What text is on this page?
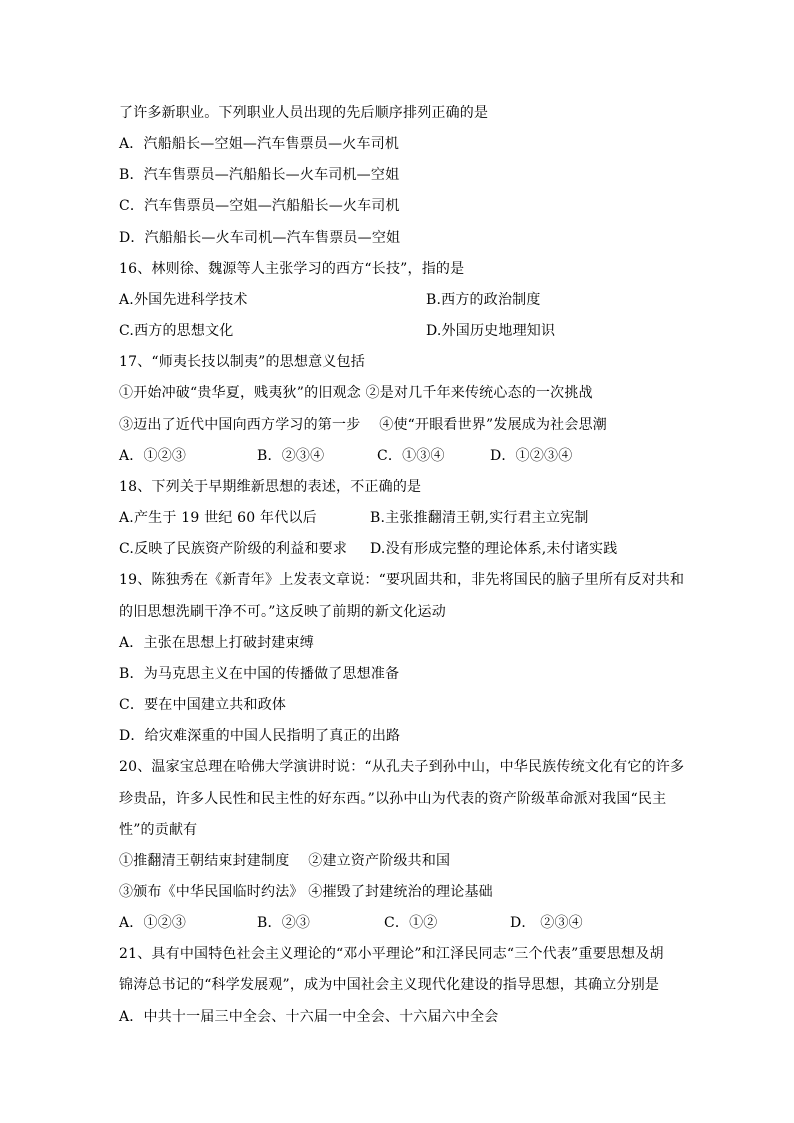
了许多新职业。下列职业人员出现的先后顺序排列正确的是
A．汽船船长—空姐—汽车售票员—火车司机
B．汽车售票员—汽船船长—火车司机—空姐
C．汽车售票员—空姐—汽船船长—火车司机
D．汽船船长—火车司机—汽车售票员—空姐
16、林则徐、魏源等人主张学习的西方“长技”，指的是
A.外国先进科学技术	B.西方的政治制度
C.西方的思想文化	D.外国历史地理知识
17、“师夷长技以制夷”的思想意义包括
①开始冲破“贵华夏，贱夷狄”的旧观念 ②是对几千年来传统心态的一次挑战
③迈出了近代中国向西方学习的第一步　 ④使“开眼看世界”发展成为社会思潮
A．①②③	B．②③④	C．①③④	D．①②③④
18、下列关于早期维新思想的表述，不正确的是
A.产生于 19 世纪 60 年代以后	B.主张推翻清王朝,实行君主立宪制
C.反映了民族资产阶级的利益和要求 D.没有形成完整的理论体系,未付诸实践
19、陈独秀在《新青年》上发表文章说：“要巩固共和，非先将国民的脑子里所有反对共和
的旧思想洗刷干净不可。”这反映了前期的新文化运动
A．主张在思想上打破封建束缚
B．为马克思主义在中国的传播做了思想准备
C．要在中国建立共和政体
D．给灾难深重的中国人民指明了真正的出路
20、温家宝总理在哈佛大学演讲时说：“从孔夫子到孙中山，中华民族传统文化有它的许多
珍贵品，许多人民性和民主性的好东西。”以孙中山为代表的资产阶级革命派对我国“民主
性”的贡献有
①推翻清王朝结束封建制度　 ②建立资产阶级共和国
③颁布《中华民国临时约法》 ④摧毁了封建统治的理论基础
A．①②③	B．②③	C．①②	D． ②③④
21、具有中国特色社会主义理论的“邓小平理论”和江泽民同志“三个代表”重要思想及胡
锦涛总书记的“科学发展观”，成为中国社会主义现代化建设的指导思想，其确立分别是
A．中共十一届三中全会、十六届一中全会、十六届六中全会
